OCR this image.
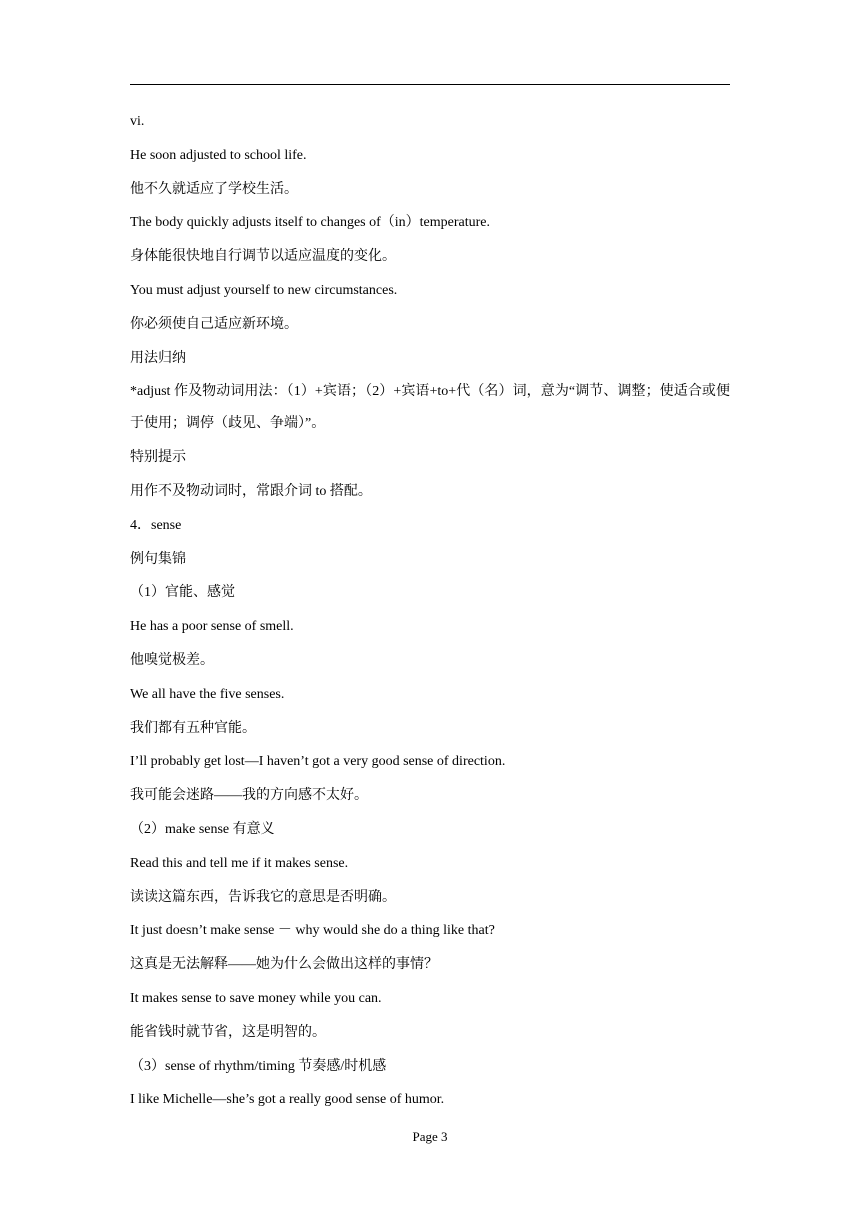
vi.
He soon adjusted to school life.
他不久就适应了学校生活。
The body quickly adjusts itself to changes of（in）temperature.
身体能很快地自行调节以适应温度的变化。
You must adjust yourself to new circumstances.
你必须使自己适应新环境。
用法归纳
*adjust 作及物动词用法：（1）+宾语；（2）+宾语+to+代（名）词，意为“调节、调整；使适合或便于使用；调停（歧见、争端）”。
特别提示
用作不及物动词时，常跟介词 to 搭配。
4．sense
例句集锦
（1）官能、感觉
He has a poor sense of smell.
他嗅觉极差。
We all have the five senses.
我们都有五种官能。
I’ll probably get lost—I haven’t got a very good sense of direction.
我可能会迷路——我的方向感不太好。
（2）make sense 有意义
Read this and tell me if it makes sense.
读读这篇东西，告诉我它的意思是否明确。
It just doesn’t make sense － why would she do a thing like that?
这真是无法解释——她为什么会做出这样的事情？
It makes sense to save money while you can.
能省钱时就节省，这是明智的。
（3）sense of rhythm/timing 节奏感/时机感
I like Michelle—she’s got a really good sense of humor.
Page 3
